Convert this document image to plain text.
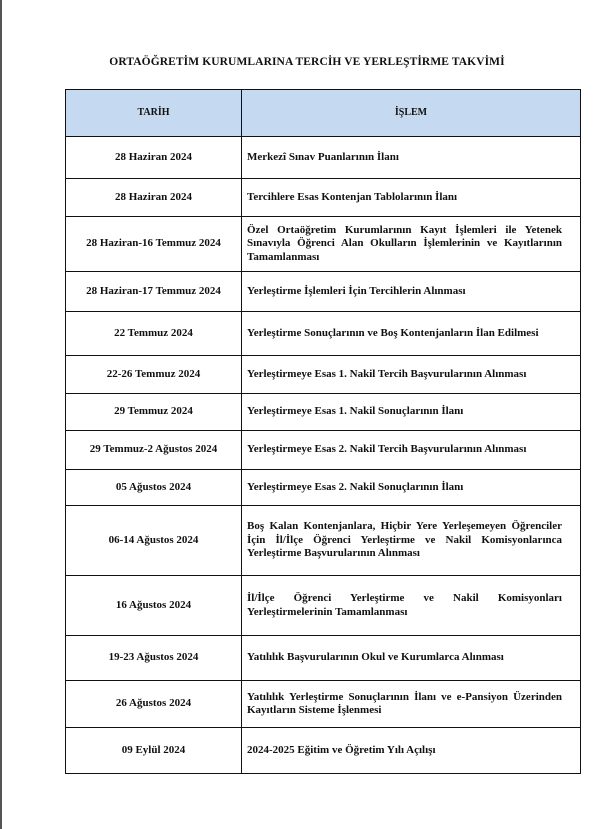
ORTAÖĞRETİM KURUMLARINA TERCİH VE YERLEŞTİRME TAKVİMİ
TARİH	İŞLEM
28 Haziran 2024	Merkezî Sınav Puanlarının İlanı
28 Haziran 2024	Tercihlere Esas Kontenjan Tablolarının İlanı
28 Haziran-16 Temmuz 2024	Özel Ortaöğretim Kurumlarının Kayıt İşlemleri ile Yetenek Sınavıyla Öğrenci Alan Okulların İşlemlerinin ve Kayıtlarının Tamamlanması
28 Haziran-17 Temmuz 2024	Yerleştirme İşlemleri İçin Tercihlerin Alınması
22 Temmuz 2024	Yerleştirme Sonuçlarının ve Boş Kontenjanların İlan Edilmesi
22-26 Temmuz 2024	Yerleştirmeye Esas 1. Nakil Tercih Başvurularının Alınması
29 Temmuz 2024	Yerleştirmeye Esas 1. Nakil Sonuçlarının İlanı
29 Temmuz-2 Ağustos 2024	Yerleştirmeye Esas 2. Nakil Tercih Başvurularının Alınması
05 Ağustos 2024	Yerleştirmeye Esas 2. Nakil Sonuçlarının İlanı
06-14 Ağustos 2024	Boş Kalan Kontenjanlara, Hiçbir Yere Yerleşemeyen Öğrenciler İçin İl/İlçe Öğrenci Yerleştirme ve Nakil Komisyonlarınca Yerleştirme Başvurularının Alınması
16 Ağustos 2024	İl/İlçe Öğrenci Yerleştirme ve Nakil Komisyonları Yerleştirmelerinin Tamamlanması
19-23 Ağustos 2024	Yatılılık Başvurularının Okul ve Kurumlarca Alınması
26 Ağustos 2024	Yatılılık Yerleştirme Sonuçlarının İlanı ve e-Pansiyon Üzerinden Kayıtların Sisteme İşlenmesi
09 Eylül 2024	2024-2025 Eğitim ve Öğretim Yılı Açılışı
